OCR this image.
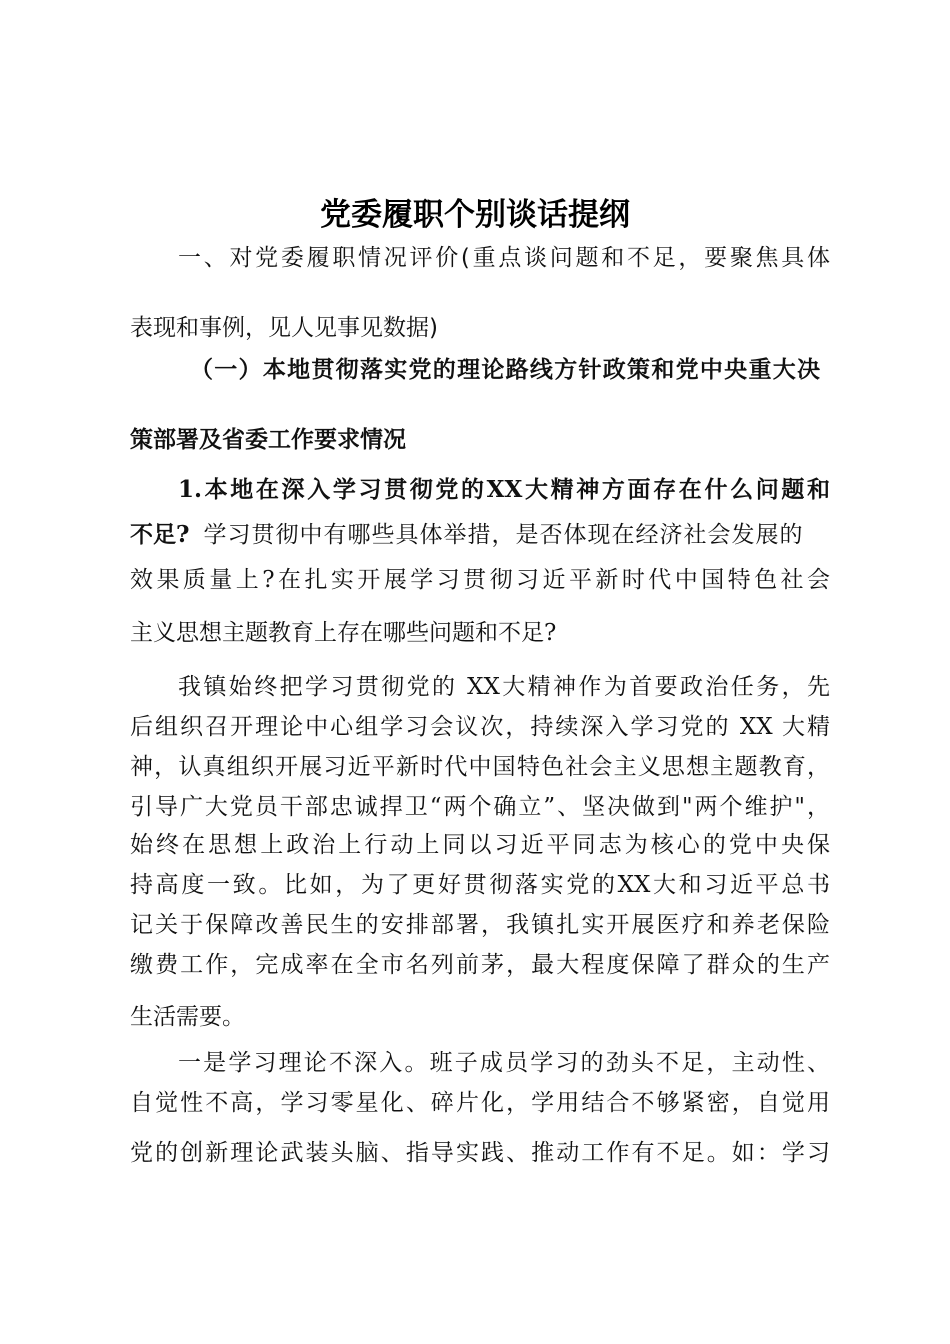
党委履职个别谈话提纲
一、对党委履职情况评价(重点谈问题和不足，要聚焦具体
表现和事例，见人见事见数据)
（一）本地贯彻落实党的理论路线方针政策和党中央重大决
策部署及省委工作要求情况
1.本地在深入学习贯彻党的XX大精神方面存在什么问题和
不足? 学习贯彻中有哪些具体举措，是否体现在经济社会发展的
效果质量上?在扎实开展学习贯彻习近平新时代中国特色社会
主义思想主题教育上存在哪些问题和不足?
我镇始终把学习贯彻党的 XX大精神作为首要政治任务，先
后组织召开理论中心组学习会议次，持续深入学习党的 XX 大精
神，认真组织开展习近平新时代中国特色社会主义思想主题教育，
引导广大党员干部忠诚捍卫“两个确立”、坚决做到"两个维护"，
始终在思想上政治上行动上同以习近平同志为核心的党中央保
持高度一致。比如，为了更好贯彻落实党的XX大和习近平总书
记关于保障改善民生的安排部署，我镇扎实开展医疗和养老保险
缴费工作，完成率在全市名列前茅，最大程度保障了群众的生产
生活需要。
一是学习理论不深入。班子成员学习的劲头不足，主动性、
自觉性不高，学习零星化、碎片化，学用结合不够紧密，自觉用
党的创新理论武装头脑、指导实践、推动工作有不足。如：学习
